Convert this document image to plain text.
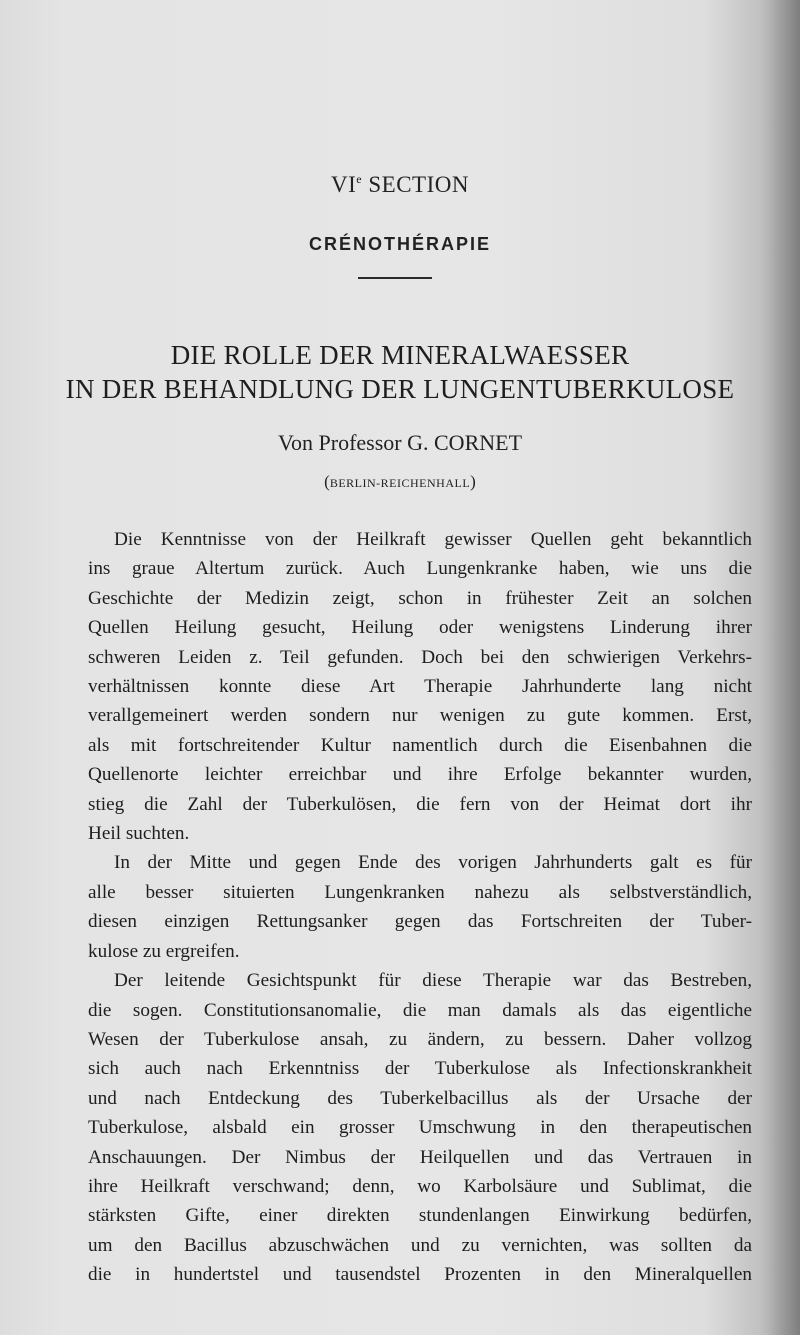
VIe SECTION
CRÉNOTHÉRAPIE
DIE ROLLE DER MINERALWAESSER
IN DER BEHANDLUNG DER LUNGENTUBERKULOSE
Von Professor G. CORNET
(BERLIN-REICHENHALL)
Die Kenntnisse von der Heilkraft gewisser Quellen geht bekanntlich
ins graue Altertum zurück. Auch Lungenkranke haben, wie uns die
Geschichte der Medizin zeigt, schon in frühester Zeit an solchen
Quellen Heilung gesucht, Heilung oder wenigstens Linderung ihrer
schweren Leiden z. Teil gefunden. Doch bei den schwierigen Verkehrs-
verhältnissen konnte diese Art Therapie Jahrhunderte lang nicht
verallgemeinert werden sondern nur wenigen zu gute kommen. Erst,
als mit fortschreitender Kultur namentlich durch die Eisenbahnen die
Quellenorte leichter erreichbar und ihre Erfolge bekannter wurden,
stieg die Zahl der Tuberkulösen, die fern von der Heimat dort ihr
Heil suchten.
In der Mitte und gegen Ende des vorigen Jahrhunderts galt es für
alle besser situierten Lungenkranken nahezu als selbstverständlich,
diesen einzigen Rettungsanker gegen das Fortschreiten der Tuber-
kulose zu ergreifen.
Der leitende Gesichtspunkt für diese Therapie war das Bestreben,
die sogen. Constitutionsanomalie, die man damals als das eigentliche
Wesen der Tuberkulose ansah, zu ändern, zu bessern. Daher vollzog
sich auch nach Erkenntniss der Tuberkulose als Infectionskrankheit
und nach Entdeckung des Tuberkelbacillus als der Ursache der
Tuberkulose, alsbald ein grosser Umschwung in den therapeutischen
Anschauungen. Der Nimbus der Heilquellen und das Vertrauen in
ihre Heilkraft verschwand; denn, wo Karbolsäure und Sublimat, die
stärksten Gifte, einer direkten stundenlangen Einwirkung bedürfen,
um den Bacillus abzuschwächen und zu vernichten, was sollten da
die in hundertstel und tausendstel Prozenten in den Mineralquellen
